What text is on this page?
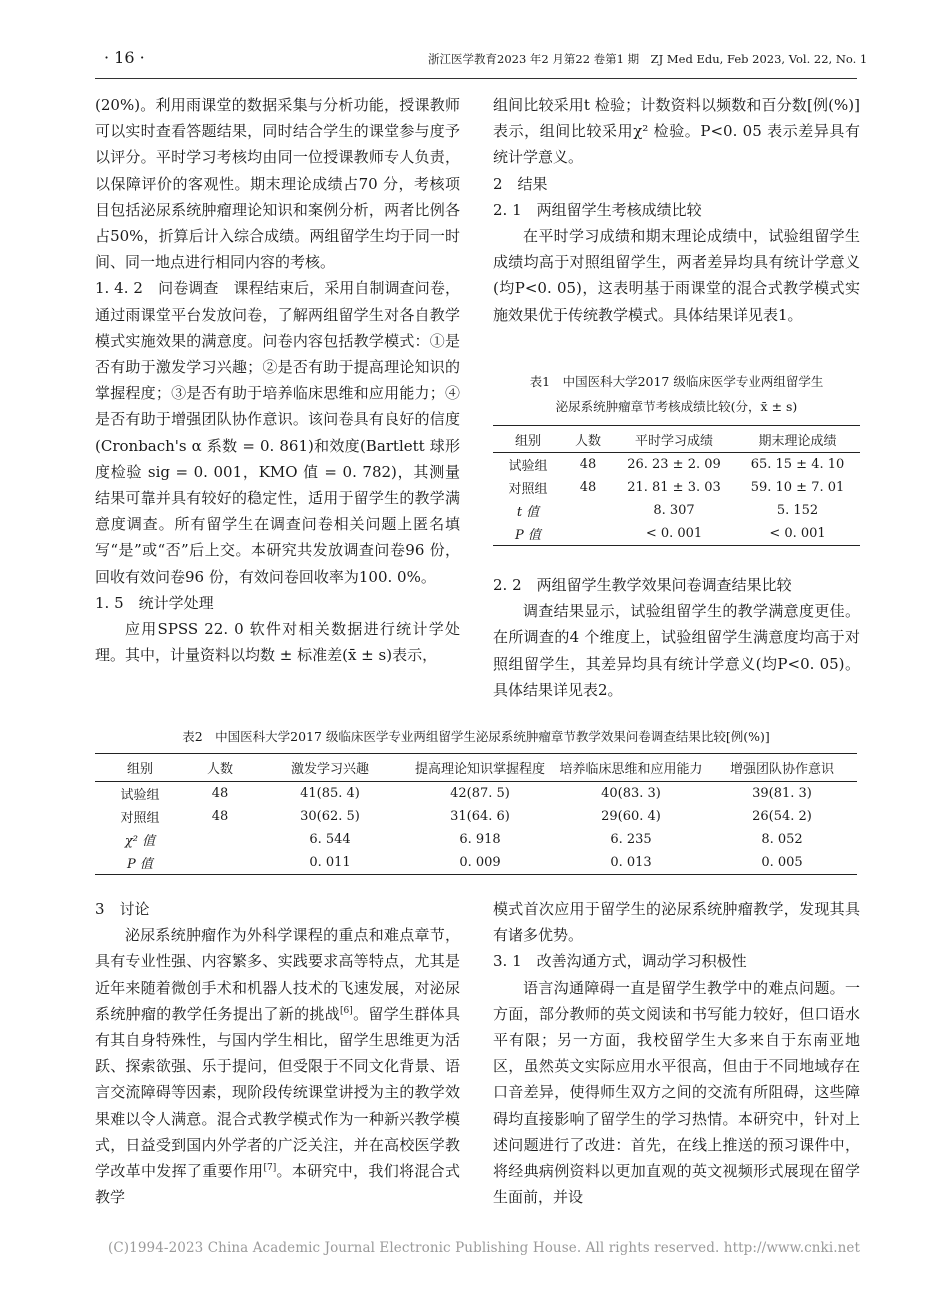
· 16 ·	浙江医学教育2023 年2 月第22 卷第1 期　ZJ Med Edu, Feb 2023, Vol. 22, No. 1

(20%)。利用雨课堂的数据采集与分析功能，授课教师可以实时查看答题结果，同时结合学生的课堂参与度予以评分。平时学习考核均由同一位授课教师专人负责，以保障评价的客观性。期末理论成绩占70 分，考核项目包括泌尿系统肿瘤理论知识和案例分析，两者比例各占50%，折算后计入综合成绩。两组留学生均于同一时间、同一地点进行相同内容的考核。

1. 4. 2　 问卷调查　 课程结束后，采用自制调查问卷，通过雨课堂平台发放问卷，了解两组留学生对各自教学模式实施效果的满意度。问卷内容包括教学模式：①是否有助于激发学习兴趣；②是否有助于提高理论知识的掌握程度；③是否有助于培养临床思维和应用能力；④是否有助于增强团队协作意识。该问卷具有良好的信度(Cronbach's α 系数 = 0. 861)和效度(Bartlett 球形度检验 sig = 0. 001，KMO 值 = 0. 782)，其测量结果可靠并具有较好的稳定性，适用于留学生的教学满意度调查。所有留学生在调查问卷相关问题上匿名填写“是”或“否”后上交。本研究共发放调查问卷96 份，回收有效问卷96 份，有效问卷回收率为100. 0%。

1. 5　统计学处理

应用SPSS 22. 0 软件对相关数据进行统计学处理。其中，计量资料以均数 ± 标准差(x̄ ± s)表示，

组间比较采用t 检验；计数资料以频数和百分数[例(%)]表示，组间比较采用χ² 检验。P<0. 05 表示差异具有统计学意义。

2　结果

2. 1　两组留学生考核成绩比较

在平时学习成绩和期末理论成绩中，试验组留学生成绩均高于对照组留学生，两者差异均具有统计学意义(均P<0. 05)，这表明基于雨课堂的混合式教学模式实施效果优于传统教学模式。具体结果详见表1。

表1　中国医科大学2017 级临床医学专业两组留学生
泌尿系统肿瘤章节考核成绩比较(分，x̄ ± s)
组别	人数	平时学习成绩	期末理论成绩
试验组	48	26. 23 ± 2. 09	65. 15 ± 4. 10
对照组	48	21. 81 ± 3. 03	59. 10 ± 7. 01
t 值		8. 307	5. 152
P 值		< 0. 001	< 0. 001

2. 2　两组留学生教学效果问卷调查结果比较

调查结果显示，试验组留学生的教学满意度更佳。在所调查的4 个维度上，试验组留学生满意度均高于对照组留学生，其差异均具有统计学意义(均P<0. 05)。具体结果详见表2。

表2　中国医科大学2017 级临床医学专业两组留学生泌尿系统肿瘤章节教学效果问卷调查结果比较[例(%)]
组别	人数	激发学习兴趣	提高理论知识掌握程度	培养临床思维和应用能力	增强团队协作意识
试验组	48	41(85. 4)	42(87. 5)	40(83. 3)	39(81. 3)
对照组	48	30(62. 5)	31(64. 6)	29(60. 4)	26(54. 2)
χ² 值		6. 544	6. 918	6. 235	8. 052
P 值		0. 011	0. 009	0. 013	0. 005

3　讨论

泌尿系统肿瘤作为外科学课程的重点和难点章节，具有专业性强、内容繁多、实践要求高等特点，尤其是近年来随着微创手术和机器人技术的飞速发展，对泌尿系统肿瘤的教学任务提出了新的挑战[6]。留学生群体具有其自身特殊性，与国内学生相比，留学生思维更为活跃、探索欲强、乐于提问，但受限于不同文化背景、语言交流障碍等因素，现阶段传统课堂讲授为主的教学效果难以令人满意。混合式教学模式作为一种新兴教学模式，日益受到国内外学者的广泛关注，并在高校医学教学改革中发挥了重要作用[7]。本研究中，我们将混合式教学

模式首次应用于留学生的泌尿系统肿瘤教学，发现其具有诸多优势。

3. 1　改善沟通方式，调动学习积极性

语言沟通障碍一直是留学生教学中的难点问题。一方面，部分教师的英文阅读和书写能力较好，但口语水平有限；另一方面，我校留学生大多来自于东南亚地区，虽然英文实际应用水平很高，但由于不同地域存在口音差异，使得师生双方之间的交流有所阻碍，这些障碍均直接影响了留学生的学习热情。本研究中，针对上述问题进行了改进：首先，在线上推送的预习课件中，将经典病例资料以更加直观的英文视频形式展现在留学生面前，并设

(C)1994-2023 China Academic Journal Electronic Publishing House. All rights reserved. http://www.cnki.net
